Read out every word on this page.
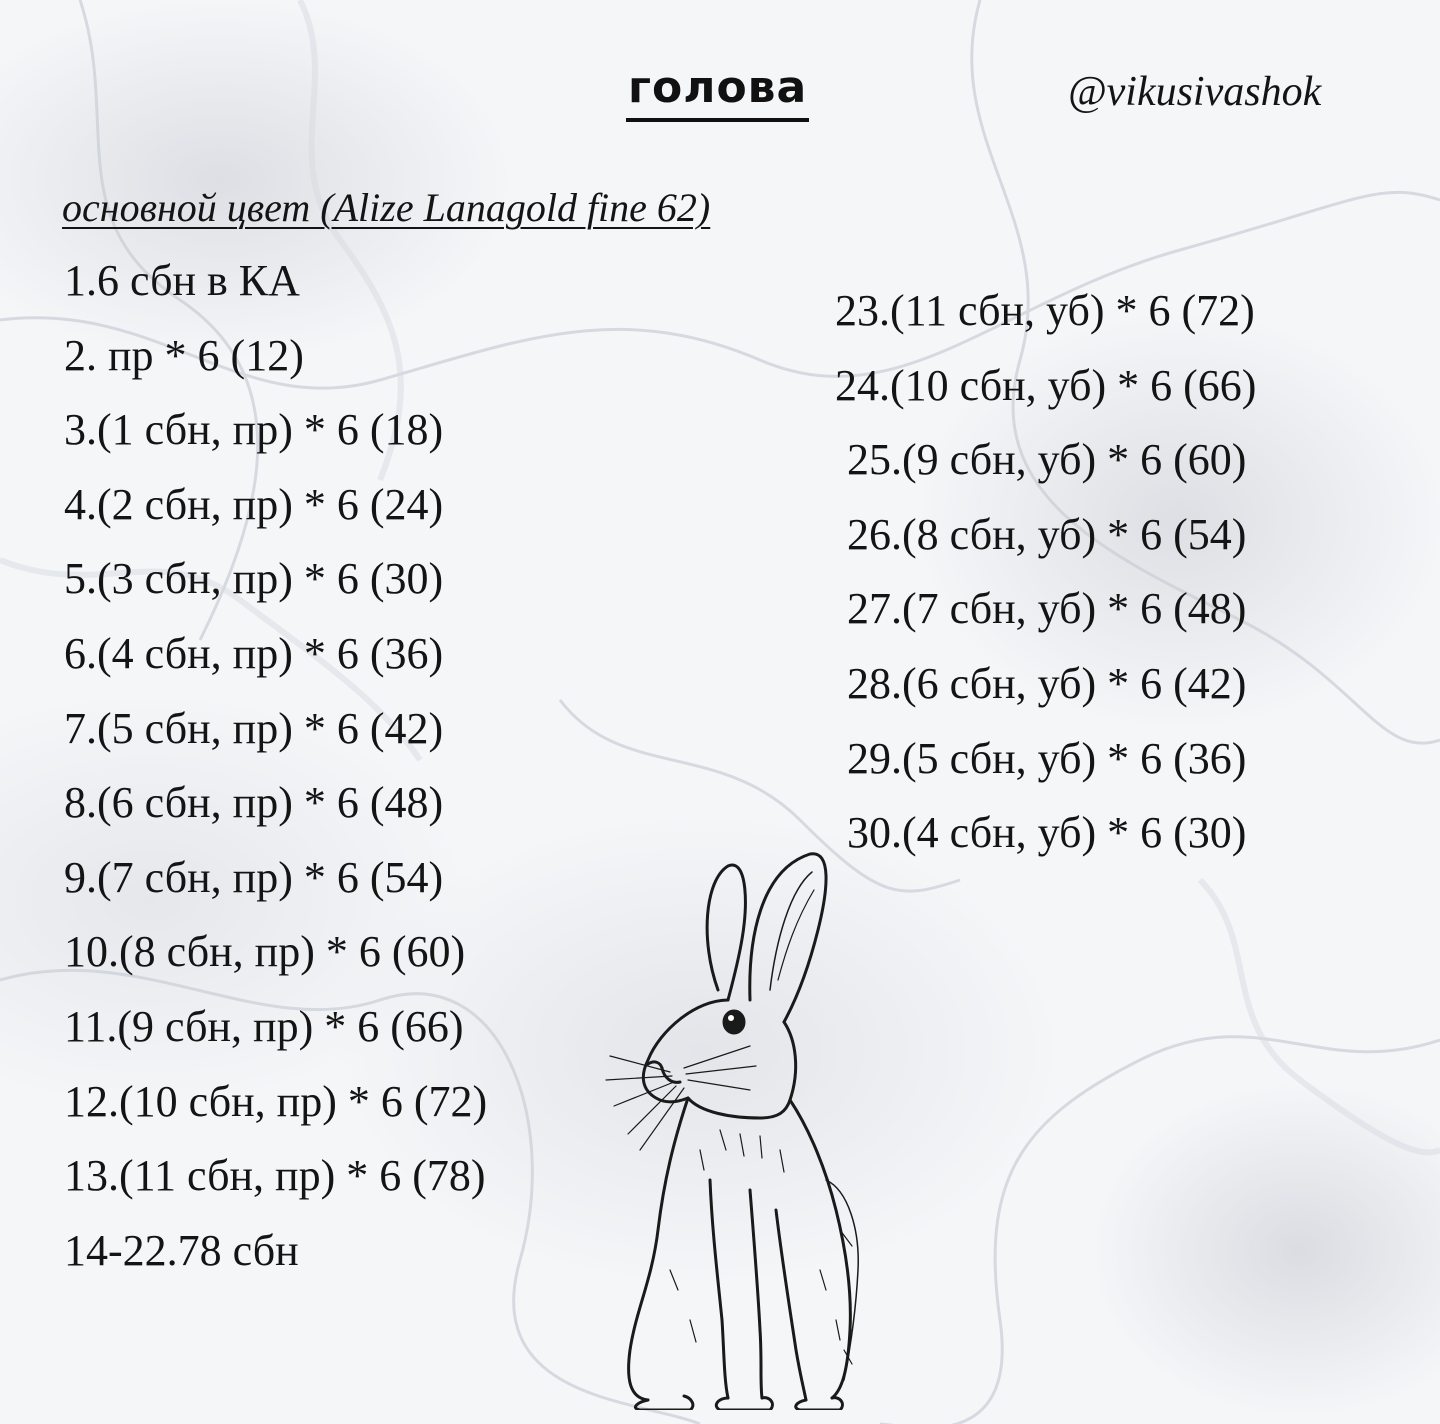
голова	@vikusivashok
основной цвет (Alize Lanagold fine 62)
1.6 сбн в КА
2. пр * 6 (12)
3.(1 сбн, пр) * 6 (18)
4.(2 сбн, пр) * 6 (24)
5.(3 сбн, пр) * 6 (30)
6.(4 сбн, пр) * 6 (36)
7.(5 сбн, пр) * 6 (42)
8.(6 сбн, пр) * 6 (48)
9.(7 сбн, пр) * 6 (54)
10.(8 сбн, пр) * 6 (60)
11.(9 сбн, пр) * 6 (66)
12.(10 сбн, пр) * 6 (72)
13.(11 сбн, пр) * 6 (78)
14-22.78 сбн
23.(11 сбн, уб) * 6 (72)
24.(10 сбн, уб) * 6 (66)
25.(9 сбн, уб) * 6 (60)
26.(8 сбн, уб) * 6 (54)
27.(7 сбн, уб) * 6 (48)
28.(6 сбн, уб) * 6 (42)
29.(5 сбн, уб) * 6 (36)
30.(4 сбн, уб) * 6 (30)
